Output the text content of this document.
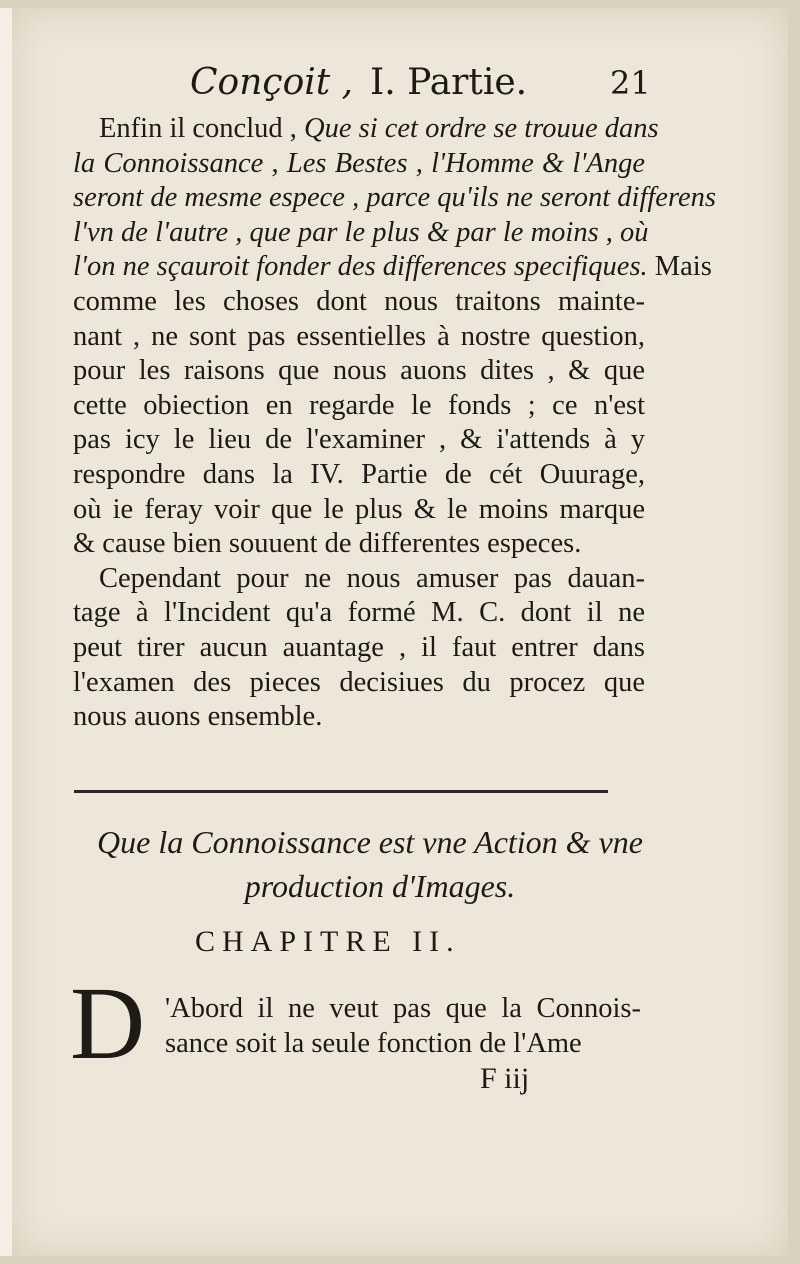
Conçoit , I. Partie.	21
Enfin il conclud , Que si cet ordre se trouue dans
la Connoissance , Les Bestes , l'Homme & l'Ange
seront de mesme espece , parce qu'ils ne seront differens
l'vn de l'autre , que par le plus & par le moins , où
l'on ne sçauroit fonder des differences specifiques. Mais
comme les choses dont nous traitons mainte-
nant , ne sont pas essentielles à nostre question,
pour les raisons que nous auons dites , & que
cette obiection en regarde le fonds ; ce n'est
pas icy le lieu de l'examiner , & i'attends à y
respondre dans la IV. Partie de cét Ouurage,
où ie feray voir que le plus & le moins marque
& cause bien souuent de differentes especes.
Cependant pour ne nous amuser pas dauan-
tage à l'Incident qu'a formé M. C. dont il ne
peut tirer aucun auantage , il faut entrer dans
l'examen des pieces decisiues du procez que
nous auons ensemble.
Que la Connoissance est vne Action & vne
production d'Images.
CHAPITRE II.
D 'Abord il ne veut pas que la Connois-
sance soit la seule fonction de l'Ame
F iij
